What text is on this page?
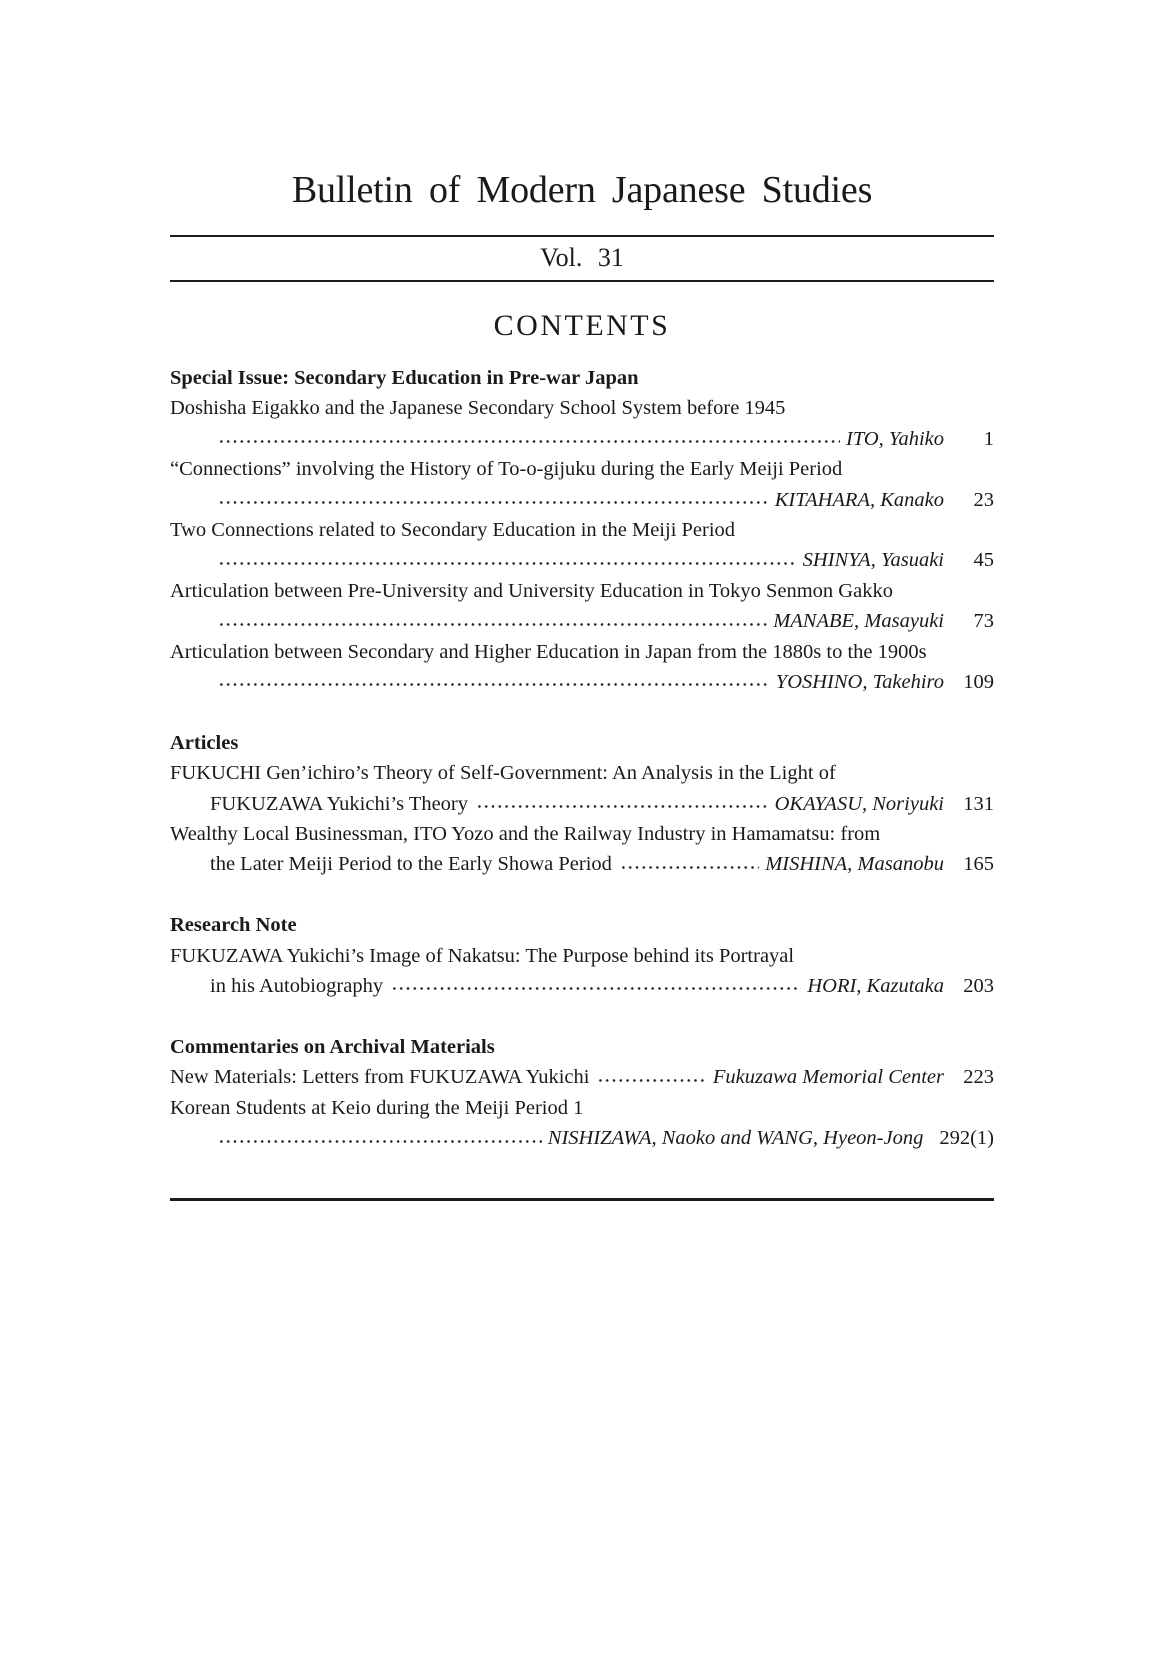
Bulletin of Modern Japanese Studies
Vol. 31
CONTENTS
Special Issue: Secondary Education in Pre-war Japan
Doshisha Eigakko and the Japanese Secondary School System before 1945
ITO, Yahiko	1
“Connections” involving the History of To-o-gijuku during the Early Meiji Period
KITAHARA, Kanako	23
Two Connections related to Secondary Education in the Meiji Period
SHINYA, Yasuaki	45
Articulation between Pre-University and University Education in Tokyo Senmon Gakko
MANABE, Masayuki	73
Articulation between Secondary and Higher Education in Japan from the 1880s to the 1900s
YOSHINO, Takehiro 109
Articles
FUKUCHI Gen’ichiro’s Theory of Self-Government: An Analysis in the Light of
FUKUZAWA Yukichi’s Theory	OKAYASU, Noriyuki 131
Wealthy Local Businessman, ITO Yozo and the Railway Industry in Hamamatsu: from
the Later Meiji Period to the Early Showa Period	MISHINA, Masanobu 165
Research Note
FUKUZAWA Yukichi’s Image of Nakatsu: The Purpose behind its Portrayal
in his Autobiography	HORI, Kazutaka 203
Commentaries on Archival Materials
New Materials: Letters from FUKUZAWA Yukichi	Fukuzawa Memorial Center 223
Korean Students at Keio during the Meiji Period 1
NISHIZAWA, Naoko and WANG, Hyeon-Jong 292(1)
